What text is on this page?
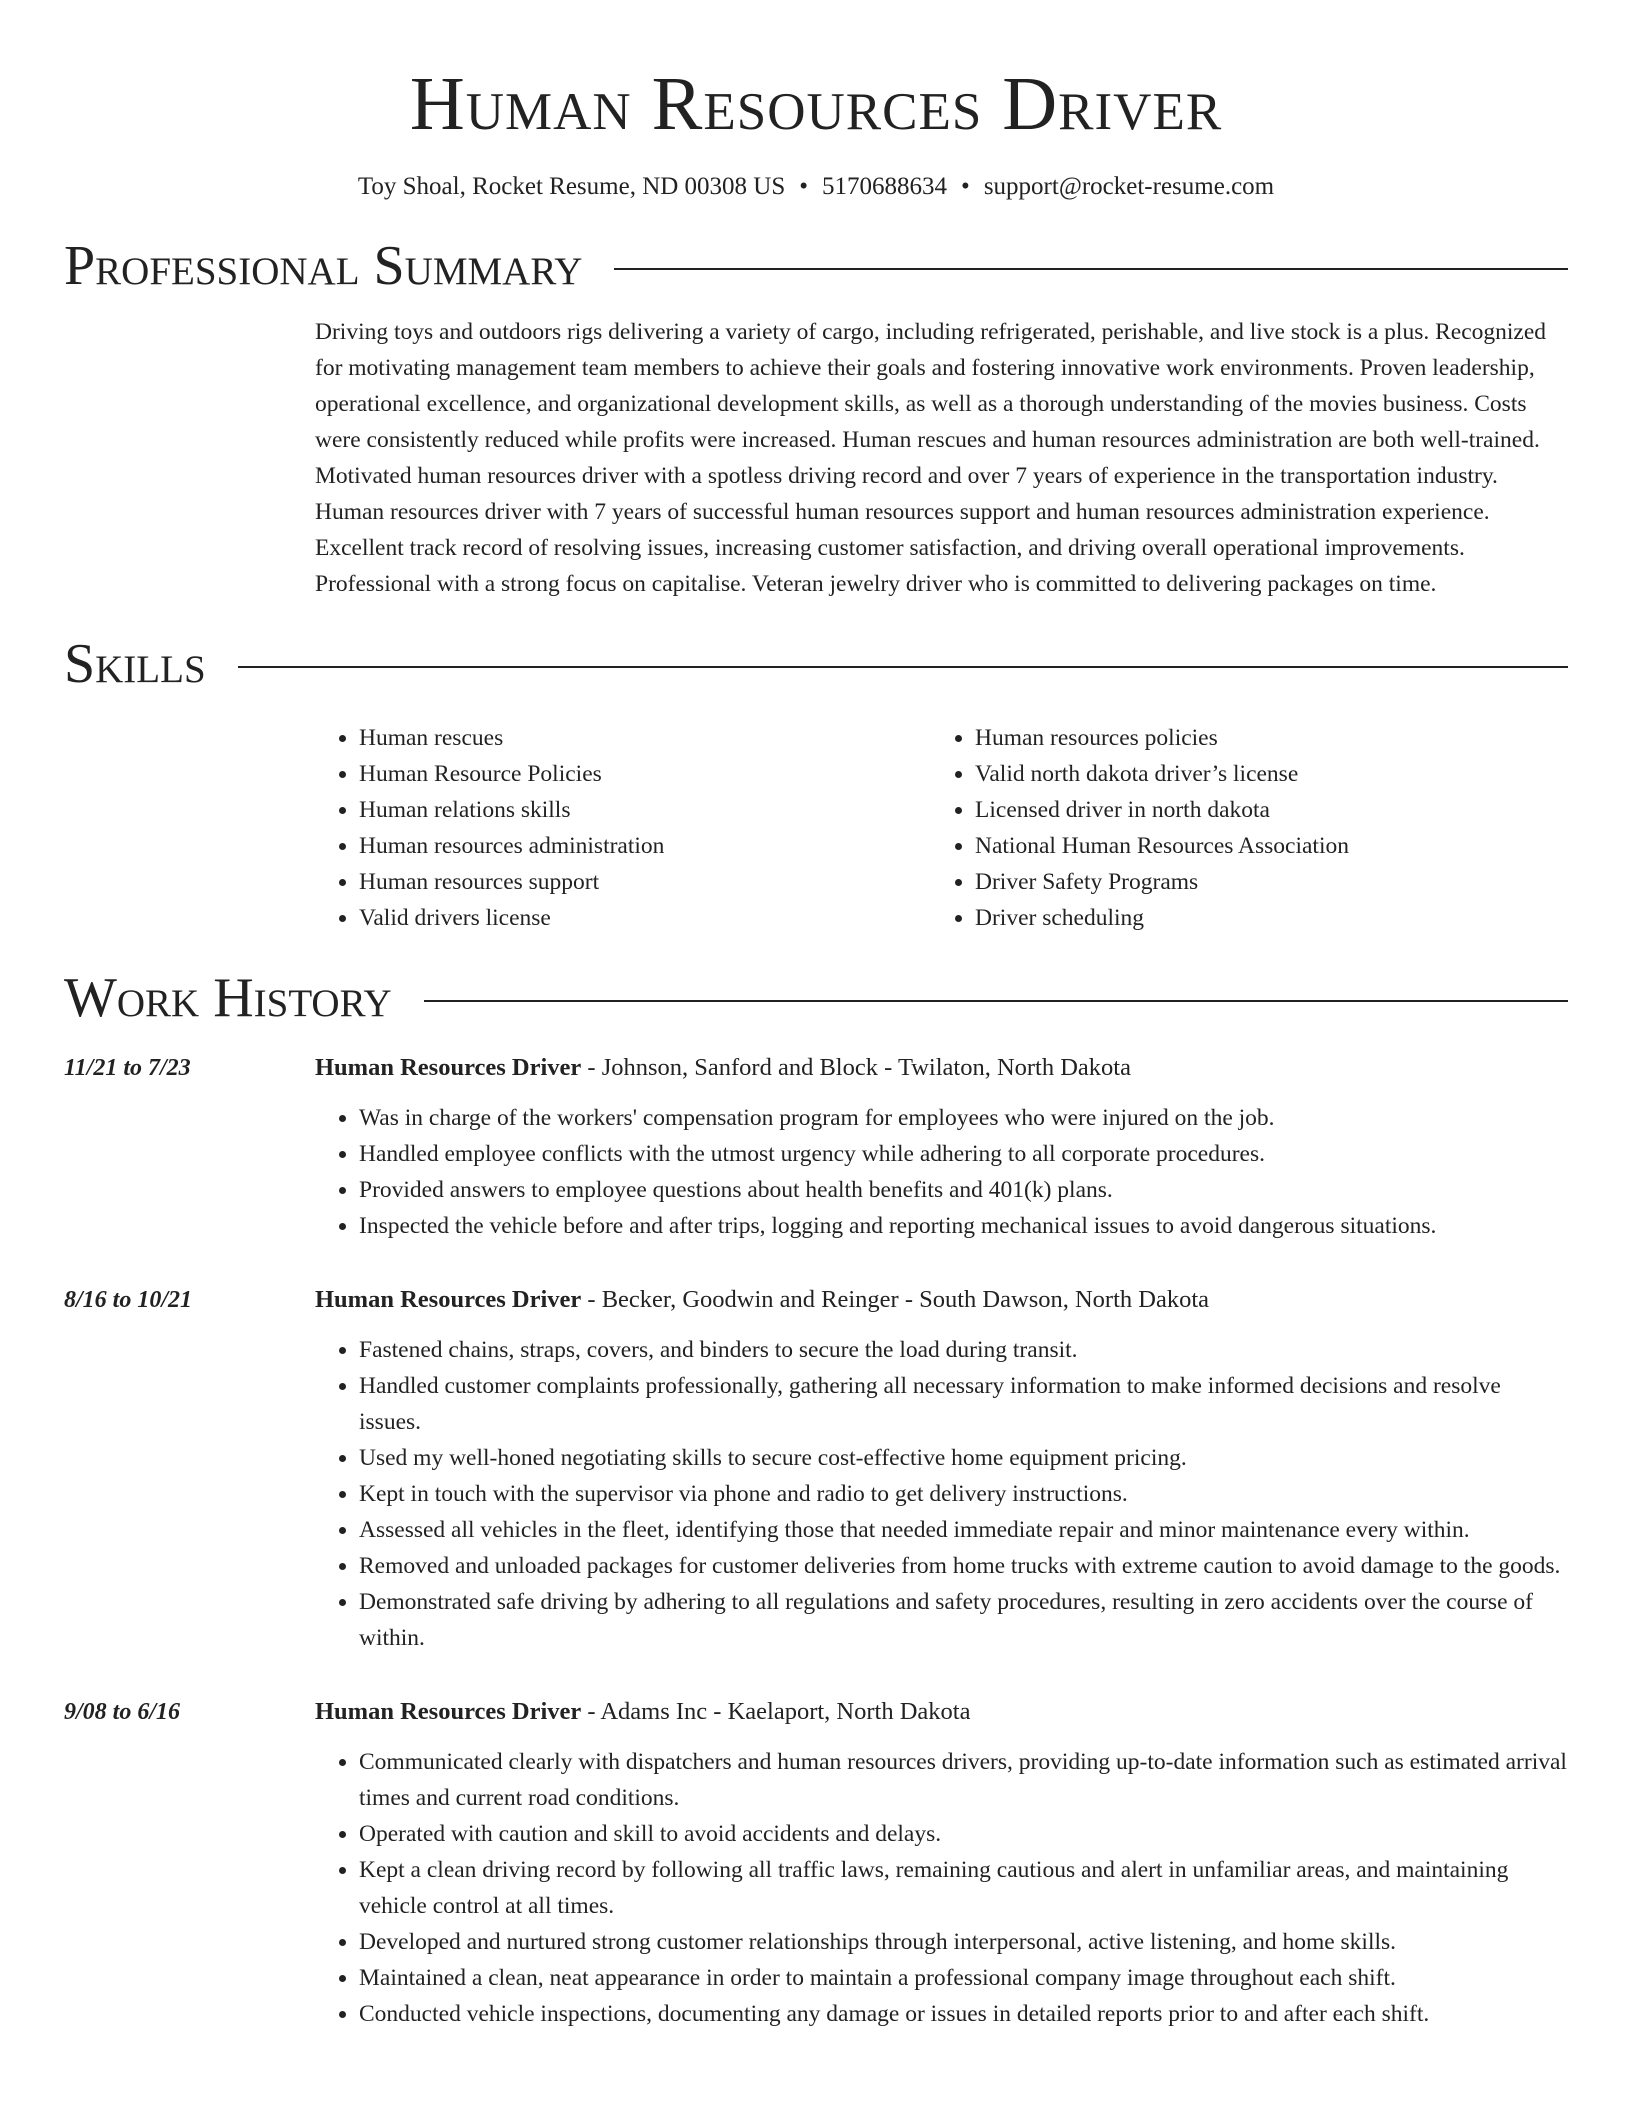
Human Resources Driver
Toy Shoal, Rocket Resume, ND 00308 US • 5170688634 • support@rocket-resume.com
Professional Summary
Driving toys and outdoors rigs delivering a variety of cargo, including refrigerated, perishable, and live stock is a plus. Recognized for motivating management team members to achieve their goals and fostering innovative work environments. Proven leadership, operational excellence, and organizational development skills, as well as a thorough understanding of the movies business. Costs were consistently reduced while profits were increased. Human rescues and human resources administration are both well-trained. Motivated human resources driver with a spotless driving record and over 7 years of experience in the transportation industry. Human resources driver with 7 years of successful human resources support and human resources administration experience. Excellent track record of resolving issues, increasing customer satisfaction, and driving overall operational improvements. Professional with a strong focus on capitalise. Veteran jewelry driver who is committed to delivering packages on time.
Skills
• Human rescues
• Human Resource Policies
• Human relations skills
• Human resources administration
• Human resources support
• Valid drivers license
• Human resources policies
• Valid north dakota driver’s license
• Licensed driver in north dakota
• National Human Resources Association
• Driver Safety Programs
• Driver scheduling
Work History
11/21 to 7/23	Human Resources Driver - Johnson, Sanford and Block - Twilaton, North Dakota
• Was in charge of the workers' compensation program for employees who were injured on the job.
• Handled employee conflicts with the utmost urgency while adhering to all corporate procedures.
• Provided answers to employee questions about health benefits and 401(k) plans.
• Inspected the vehicle before and after trips, logging and reporting mechanical issues to avoid dangerous situations.
8/16 to 10/21	Human Resources Driver - Becker, Goodwin and Reinger - South Dawson, North Dakota
• Fastened chains, straps, covers, and binders to secure the load during transit.
• Handled customer complaints professionally, gathering all necessary information to make informed decisions and resolve issues.
• Used my well-honed negotiating skills to secure cost-effective home equipment pricing.
• Kept in touch with the supervisor via phone and radio to get delivery instructions.
• Assessed all vehicles in the fleet, identifying those that needed immediate repair and minor maintenance every within.
• Removed and unloaded packages for customer deliveries from home trucks with extreme caution to avoid damage to the goods.
• Demonstrated safe driving by adhering to all regulations and safety procedures, resulting in zero accidents over the course of within.
9/08 to 6/16	Human Resources Driver - Adams Inc - Kaelaport, North Dakota
• Communicated clearly with dispatchers and human resources drivers, providing up-to-date information such as estimated arrival times and current road conditions.
• Operated with caution and skill to avoid accidents and delays.
• Kept a clean driving record by following all traffic laws, remaining cautious and alert in unfamiliar areas, and maintaining vehicle control at all times.
• Developed and nurtured strong customer relationships through interpersonal, active listening, and home skills.
• Maintained a clean, neat appearance in order to maintain a professional company image throughout each shift.
• Conducted vehicle inspections, documenting any damage or issues in detailed reports prior to and after each shift.
